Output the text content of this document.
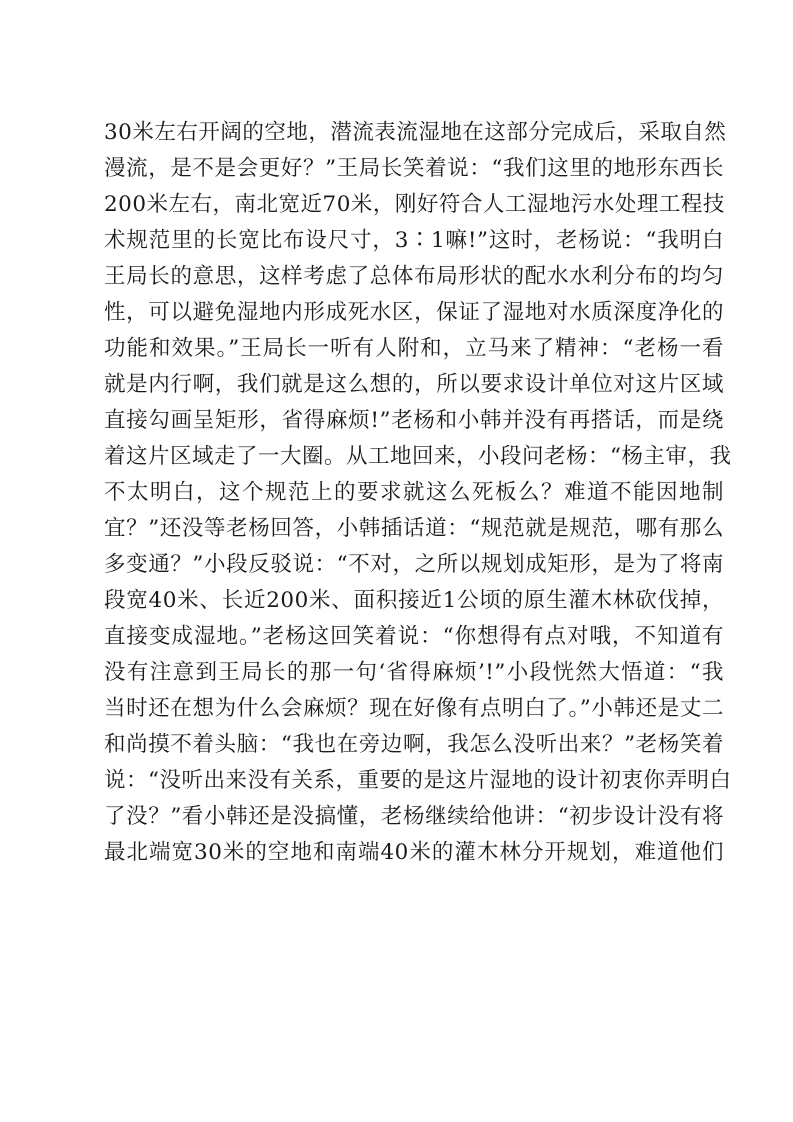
30米左右开阔的空地，潜流表流湿地在这部分完成后，采取自然
漫流，是不是会更好？”王局长笑着说：“我们这里的地形东西长
200米左右，南北宽近70米，刚好符合人工湿地污水处理工程技
术规范里的长宽比布设尺寸，3∶1嘛!”这时，老杨说：“我明白
王局长的意思，这样考虑了总体布局形状的配水水利分布的均匀
性，可以避免湿地内形成死水区，保证了湿地对水质深度净化的
功能和效果。”王局长一听有人附和，立马来了精神：“老杨一看
就是内行啊，我们就是这么想的，所以要求设计单位对这片区域
直接勾画呈矩形，省得麻烦!”老杨和小韩并没有再搭话，而是绕
着这片区域走了一大圈。从工地回来，小段问老杨：“杨主审，我
不太明白，这个规范上的要求就这么死板么？难道不能因地制
宜？”还没等老杨回答，小韩插话道：“规范就是规范，哪有那么
多变通？”小段反驳说：“不对，之所以规划成矩形，是为了将南
段宽40米、长近200米、面积接近1公顷的原生灌木林砍伐掉，
直接变成湿地。”老杨这回笑着说：“你想得有点对哦，不知道有
没有注意到王局长的那一句‘省得麻烦’!”小段恍然大悟道：“我
当时还在想为什么会麻烦？现在好像有点明白了。”小韩还是丈二
和尚摸不着头脑：“我也在旁边啊，我怎么没听出来？”老杨笑着
说：“没听出来没有关系，重要的是这片湿地的设计初衷你弄明白
了没？”看小韩还是没搞懂，老杨继续给他讲：“初步设计没有将
最北端宽30米的空地和南端40米的灌木林分开规划，难道他们
